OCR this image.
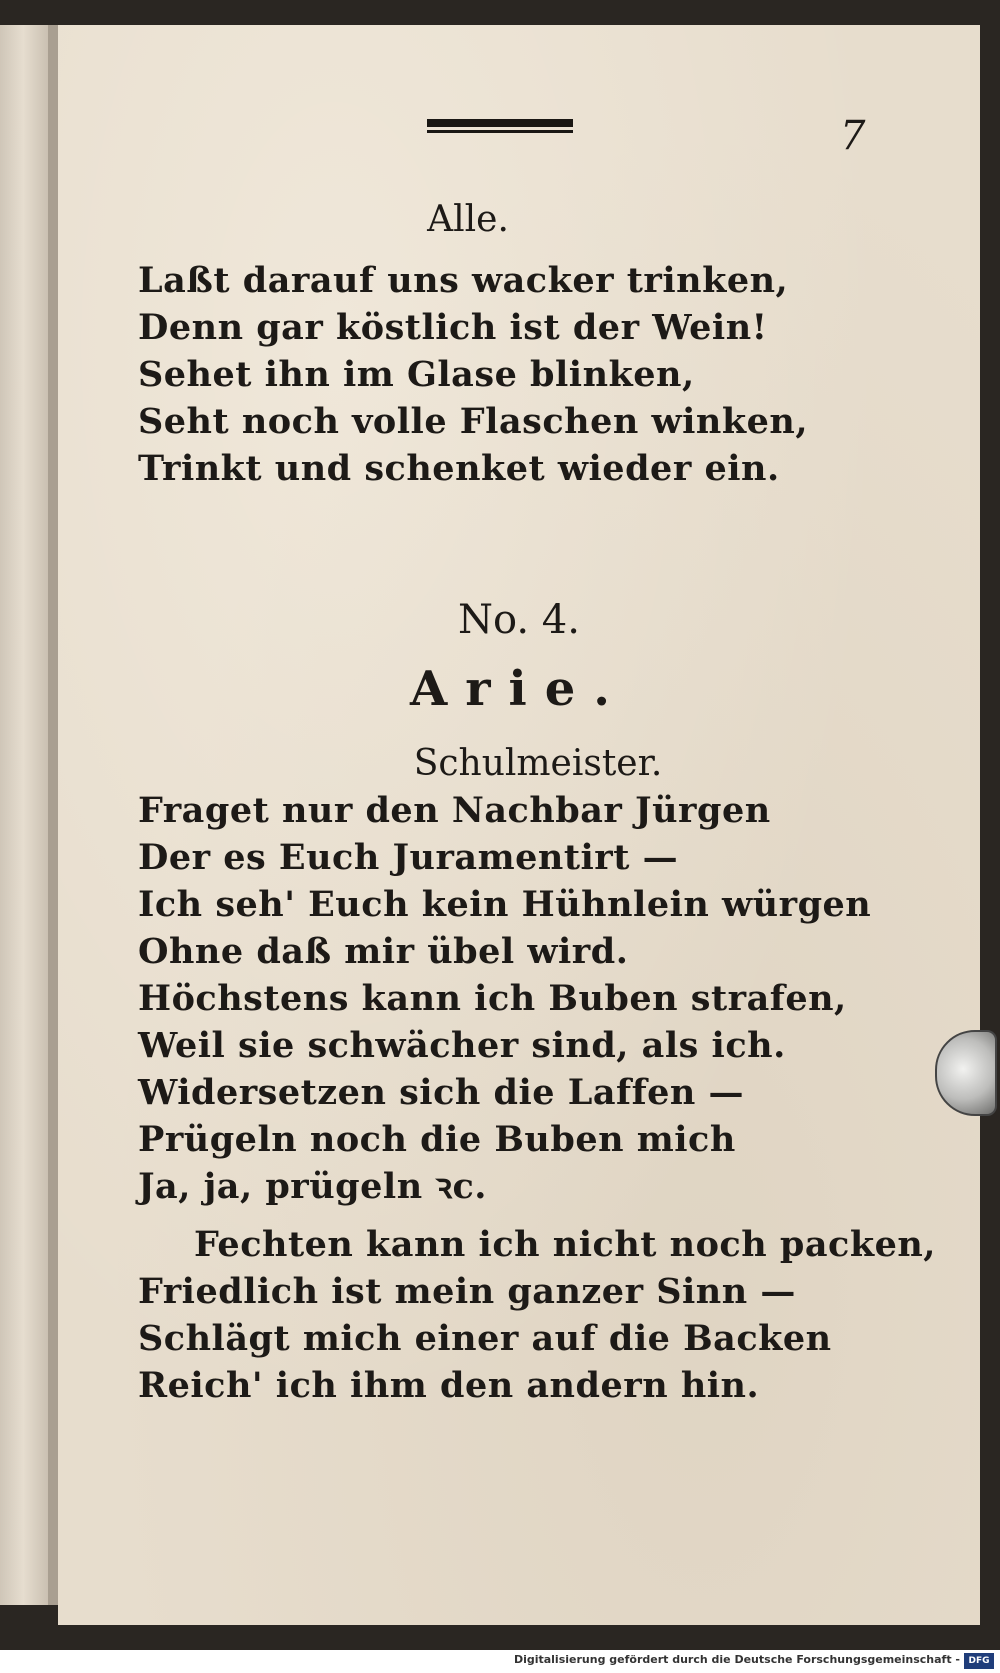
7
Alle.
Laßt darauf uns wacker trinken,
Denn gar köstlich ist der Wein!
Sehet ihn im Glase blinken,
Seht noch volle Flaschen winken,
Trinkt und schenket wieder ein.
No. 4.
Arie.
Schulmeister.
Fraget nur den Nachbar Jürgen
Der es Euch Juramentirt —
Ich seh' Euch kein Hühnlein würgen
Ohne daß mir übel wird.
Höchstens kann ich Buben strafen,
Weil sie schwächer sind, als ich.
Widersetzen sich die Laffen —
Prügeln noch die Buben mich
Ja, ja, prügeln ꝛc.
Fechten kann ich nicht noch packen,
Friedlich ist mein ganzer Sinn —
Schlägt mich einer auf die Backen
Reich' ich ihm den andern hin.
Digitalisierung gefördert durch die Deutsche Forschungsgemeinschaft - DFG
